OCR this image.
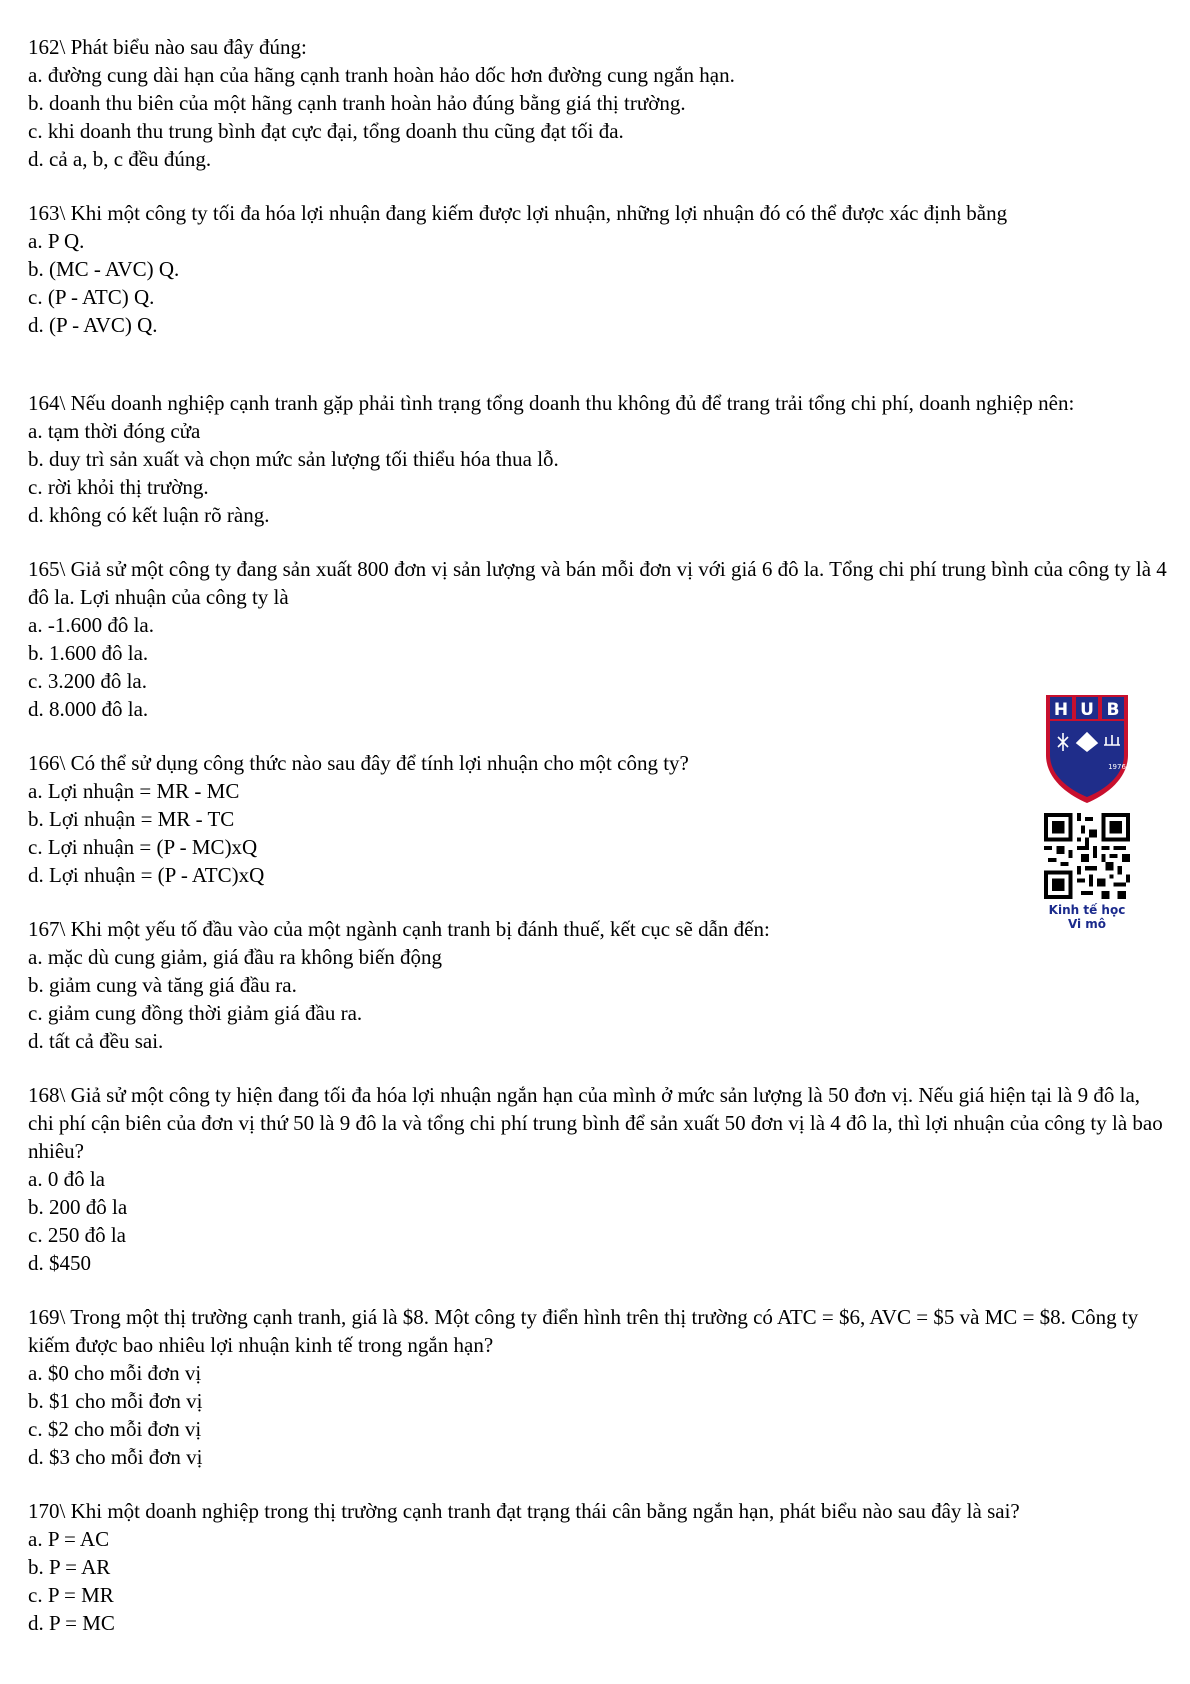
162\ Phát biểu nào sau đây đúng:

a. đường cung dài hạn của hãng cạnh tranh hoàn hảo dốc hơn đường cung ngắn hạn.
b. doanh thu biên của một hãng cạnh tranh hoàn hảo đúng bằng giá thị trường.
c. khi doanh thu trung bình đạt cực đại, tổng doanh thu cũng đạt tối đa.
d. cả a, b, c đều đúng.

163\ Khi một công ty tối đa hóa lợi nhuận đang kiếm được lợi nhuận, những lợi nhuận đó có thể được xác định bằng

a. P Q.
b. (MC - AVC) Q.
c. (P - ATC) Q.
d. (P - AVC) Q.

164\ Nếu doanh nghiệp cạnh tranh gặp phải tình trạng tổng doanh thu không đủ để trang trải tổng chi phí, doanh nghiệp nên:

a. tạm thời đóng cửa
b. duy trì sản xuất và chọn mức sản lượng tối thiểu hóa thua lỗ.
c. rời khỏi thị trường.
d. không có kết luận rõ ràng.

165\ Giả sử một công ty đang sản xuất 800 đơn vị sản lượng và bán mỗi đơn vị với giá 6 đô la. Tổng chi phí trung bình của công ty là 4 đô la. Lợi nhuận của công ty là

a. -1.600 đô la.
b. 1.600 đô la.
c. 3.200 đô la.
d. 8.000 đô la.

166\ Có thể sử dụng công thức nào sau đây để tính lợi nhuận cho một công ty?

a. Lợi nhuận = MR - MC
b. Lợi nhuận = MR - TC
c. Lợi nhuận = (P - MC)xQ
d. Lợi nhuận = (P - ATC)xQ

167\ Khi một yếu tố đầu vào của một ngành cạnh tranh bị đánh thuế, kết cục sẽ dẫn đến:

a. mặc dù cung giảm, giá đầu ra không biến động
b. giảm cung và tăng giá đầu ra.
c. giảm cung đồng thời giảm giá đầu ra.
d. tất cả đều sai.

168\ Giả sử một công ty hiện đang tối đa hóa lợi nhuận ngắn hạn của mình ở mức sản lượng là 50 đơn vị. Nếu giá hiện tại là 9 đô la, chi phí cận biên của đơn vị thứ 50 là 9 đô la và tổng chi phí trung bình để sản xuất 50 đơn vị là 4 đô la, thì lợi nhuận của công ty là bao nhiêu?

a. 0 đô la
b. 200 đô la
c. 250 đô la
d. $450

169\ Trong một thị trường cạnh tranh, giá là $8. Một công ty điển hình trên thị trường có ATC = $6, AVC = $5 và MC = $8. Công ty kiếm được bao nhiêu lợi nhuận kinh tế trong ngắn hạn?

a. $0 cho mỗi đơn vị
b. $1 cho mỗi đơn vị
c. $2 cho mỗi đơn vị
d. $3 cho mỗi đơn vị

170\ Khi một doanh nghiệp trong thị trường cạnh tranh đạt trạng thái cân bằng ngắn hạn, phát biểu nào sau đây là sai?

a. P = AC
b. P = AR
c. P = MR
d. P = MC
H U B
1976
Kinh tế học
Vi mô
